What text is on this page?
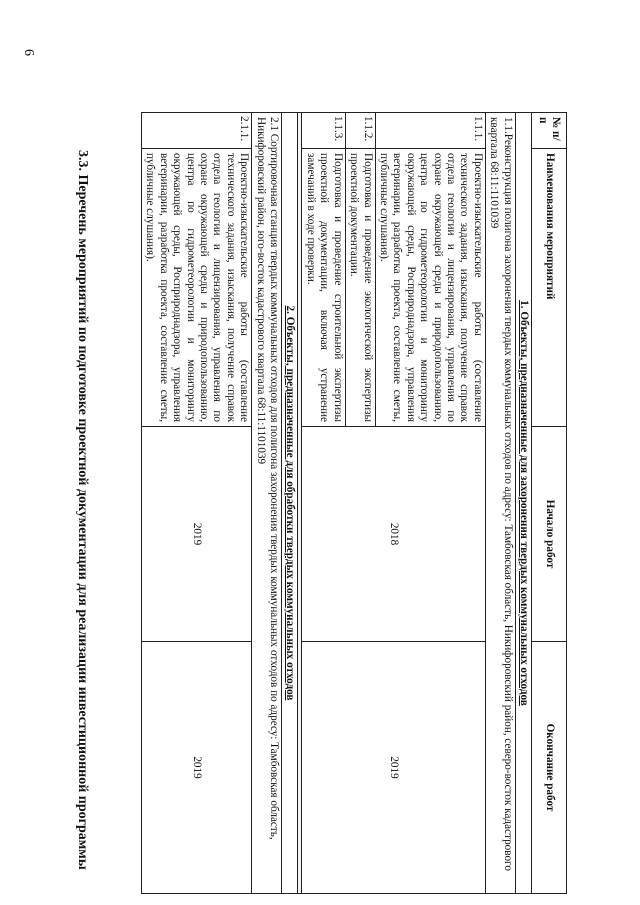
6
3.3. Перечень мероприятий по подготовке проектной документации для реализации инвестиционной программы
№ п/п	Наименования мероприятий	Начало работ	Окончание работ
1. Объекты, предназначенные для захоронения твердых коммунальных отходов			
1.1.Реконструкция полигона захоронения твердых коммунальных отходов по адресу: Тамбовская область, Никифоровский район, северо-восток кадастрового квартала 68:11:1101039			
1.1.1.	Проектно-изыскательские работы (составление технического задания, изыскания, получение справок отдела геологии и лицензирования, управления по охране окружающей среды и природопользованию, центра по гидрометеорологии и мониторингу окружающей среды, Росприроднадзора, управления ветеринарии, разработка проекта, составление сметы, публичные слушания).	2018	2019
1.1.2.	Подготовка и проведение экологической экспертизы проектной документации.		
1.1.3.	Подготовка и проведение строительной экспертизы проектной документации, включая устранение замечаний в ходе проверки.		

2. Объекты, предназначенные для обработки твердых коммунальных отходов			
2.1 Сортировочная станция твердых коммунальных отходов для полигона захоронения твердых коммунальных отходов по адресу: Тамбовская область, Никифоровский район, юго-восток кадастрового квартала 68:11:1101039			
2.1.1.	Проектно-изыскательские работы (составление технического задания, изыскания, получение справок отдела геологии и лицензирования, управления по охране окружающей среды и природопользованию, центра по гидрометеорологии и мониторингу окружающей среды, Росприроднадзора, управления ветеринарии, разработка проекта, составление сметы, публичные слушания).	2019	2019
